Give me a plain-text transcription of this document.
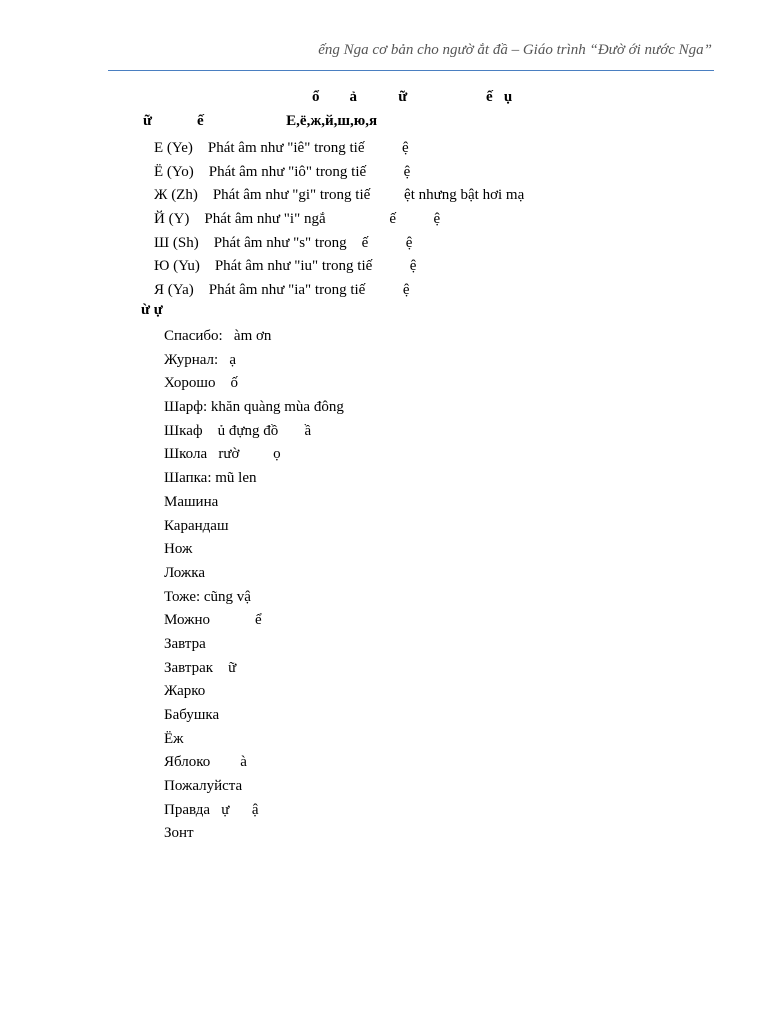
ếng Nga cơ bản cho ngườ ắt đầ – Giáo trình “Đườ ới nước Nga”
ổ        ả           ữ                     ế   ụ
ữ            ế                      Е,ё,ж,й,ш,ю,я
Е (Ye)    Phát âm như "iê" trong tiế          ệ
Ё (Yo)    Phát âm như "iô" trong tiế          ệ
Ж (Zh)    Phát âm như "gi" trong tiế         ệt nhưng bật hơi mạ
Й (Y)    Phát âm như "i" ngắ                 ế          ệ
Ш (Sh)    Phát âm như "s" trong    ế          ệ
Ю (Yu)    Phát âm như "iu" trong tiế          ệ
Я (Ya)    Phát âm như "ia" trong tiế          ệ
ừ ự
Спасибо:   àm ơn
Журнал:   ạ
Хорошо    ố
Шарф: khăn quàng mùa đông
Шкаф    ủ đựng đồ       ầ
Школа   rườ         ọ
Шапка: mũ len
Машина
Карандаш
Нож
Ложка
Тоже: cũng vậ
Можно            ể
Завтра
Завтрак    ữ
Жарко
Бабушка
Ёж
Яблоко        à
Пожалуйста
Правда   ự      ậ
Зонт
